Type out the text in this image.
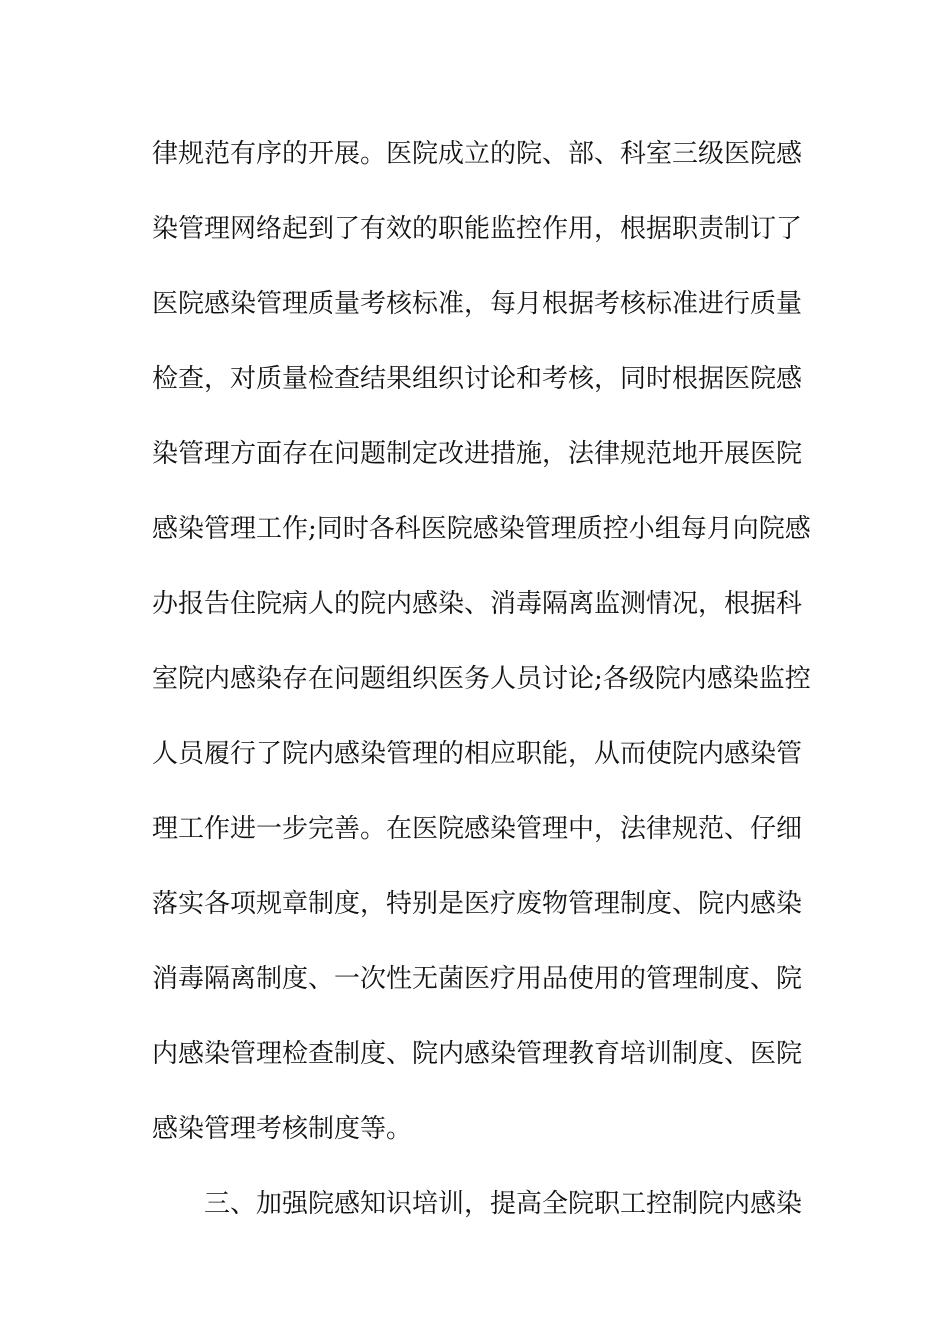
律规范有序的开展。医院成立的院、部、科室三级医院感
染管理网络起到了有效的职能监控作用，根据职责制订了
医院感染管理质量考核标准，每月根据考核标准进行质量
检查，对质量检查结果组织讨论和考核，同时根据医院感
染管理方面存在问题制定改进措施，法律规范地开展医院
感染管理工作;同时各科医院感染管理质控小组每月向院感
办报告住院病人的院内感染、消毒隔离监测情况，根据科
室院内感染存在问题组织医务人员讨论;各级院内感染监控
人员履行了院内感染管理的相应职能，从而使院内感染管
理工作进一步完善。在医院感染管理中，法律规范、仔细
落实各项规章制度，特别是医疗废物管理制度、院内感染
消毒隔离制度、一次性无菌医疗用品使用的管理制度、院
内感染管理检查制度、院内感染管理教育培训制度、医院
感染管理考核制度等。
三、加强院感知识培训，提高全院职工控制院内感染
